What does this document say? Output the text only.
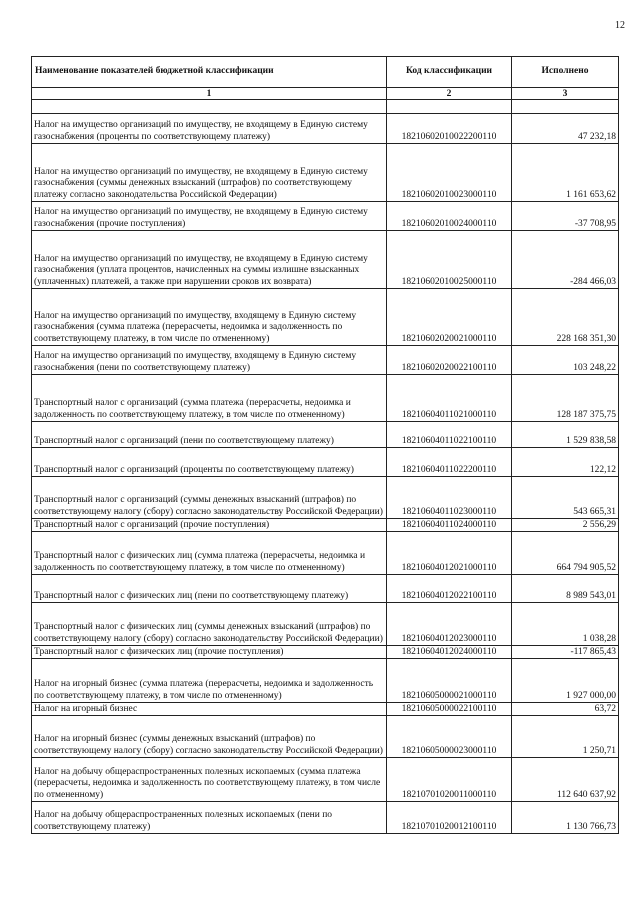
12
Наименование показателей бюджетной классификации	Код классификации	Исполнено
1	2	3

Налог на имущество организаций по имуществу, не входящему в Единую систему газоснабжения (проценты по соответствующему платежу)	18210602010022200110	47 232,18
Налог на имущество организаций по имуществу, не входящему в Единую систему газоснабжения (суммы денежных взысканий (штрафов) по соответствующему платежу согласно законодательства Российской Федерации)	18210602010023000110	1 161 653,62
Налог на имущество организаций по имуществу, не входящему в Единую систему газоснабжения (прочие поступления)	18210602010024000110	-37 708,95
Налог на имущество организаций по имуществу, не входящему в Единую систему газоснабжения (уплата процентов, начисленных на суммы излишне взысканных (уплаченных) платежей, а также при нарушении сроков их возврата)	18210602010025000110	-284 466,03
Налог на имущество организаций по имуществу, входящему в Единую систему газоснабжения (сумма платежа (перерасчеты, недоимка и задолженность по соответствующему платежу, в том числе по отмененному)	18210602020021000110	228 168 351,30
Налог на имущество организаций по имуществу, входящему в Единую систему газоснабжения (пени по соответствующему платежу)	18210602020022100110	103 248,22
Транспортный налог с организаций (сумма платежа (перерасчеты, недоимка и задолженность по соответствующему платежу, в том числе по отмененному)	18210604011021000110	128 187 375,75
Транспортный налог с организаций (пени по соответствующему платежу)	18210604011022100110	1 529 838,58
Транспортный налог с организаций (проценты по соответствующему платежу)	18210604011022200110	122,12
Транспортный налог с организаций (суммы денежных взысканий (штрафов) по соответствующему налогу (сбору) согласно законодательству Российской Федерации)	18210604011023000110	543 665,31
Транспортный налог с организаций (прочие поступления)	18210604011024000110	2 556,29
Транспортный налог с физических лиц (сумма платежа (перерасчеты, недоимка и задолженность по соответствующему платежу, в том числе по отмененному)	18210604012021000110	664 794 905,52
Транспортный налог с физических лиц (пени по соответствующему платежу)	18210604012022100110	8 989 543,01
Транспортный налог с физических лиц (суммы денежных взысканий (штрафов) по соответствующему налогу (сбору) согласно законодательству Российской Федерации)	18210604012023000110	1 038,28
Транспортный налог с физических лиц (прочие поступления)	18210604012024000110	-117 865,43
Налог на игорный бизнес (сумма платежа (перерасчеты, недоимка и задолженность по соответствующему платежу, в том числе по отмененному)	18210605000021000110	1 927 000,00
Налог на игорный бизнес	18210605000022100110	63,72
Налог на игорный бизнес (суммы денежных взысканий (штрафов) по соответствующему налогу (сбору) согласно законодательству Российской Федерации)	18210605000023000110	1 250,71
Налог на добычу общераспространенных полезных ископаемых (сумма платежа (перерасчеты, недоимка и задолженность по соответствующему платежу, в том числе по отмененному)	18210701020011000110	112 640 637,92
Налог на добычу общераспространенных полезных ископаемых (пени по соответствующему платежу)	18210701020012100110	1 130 766,73
